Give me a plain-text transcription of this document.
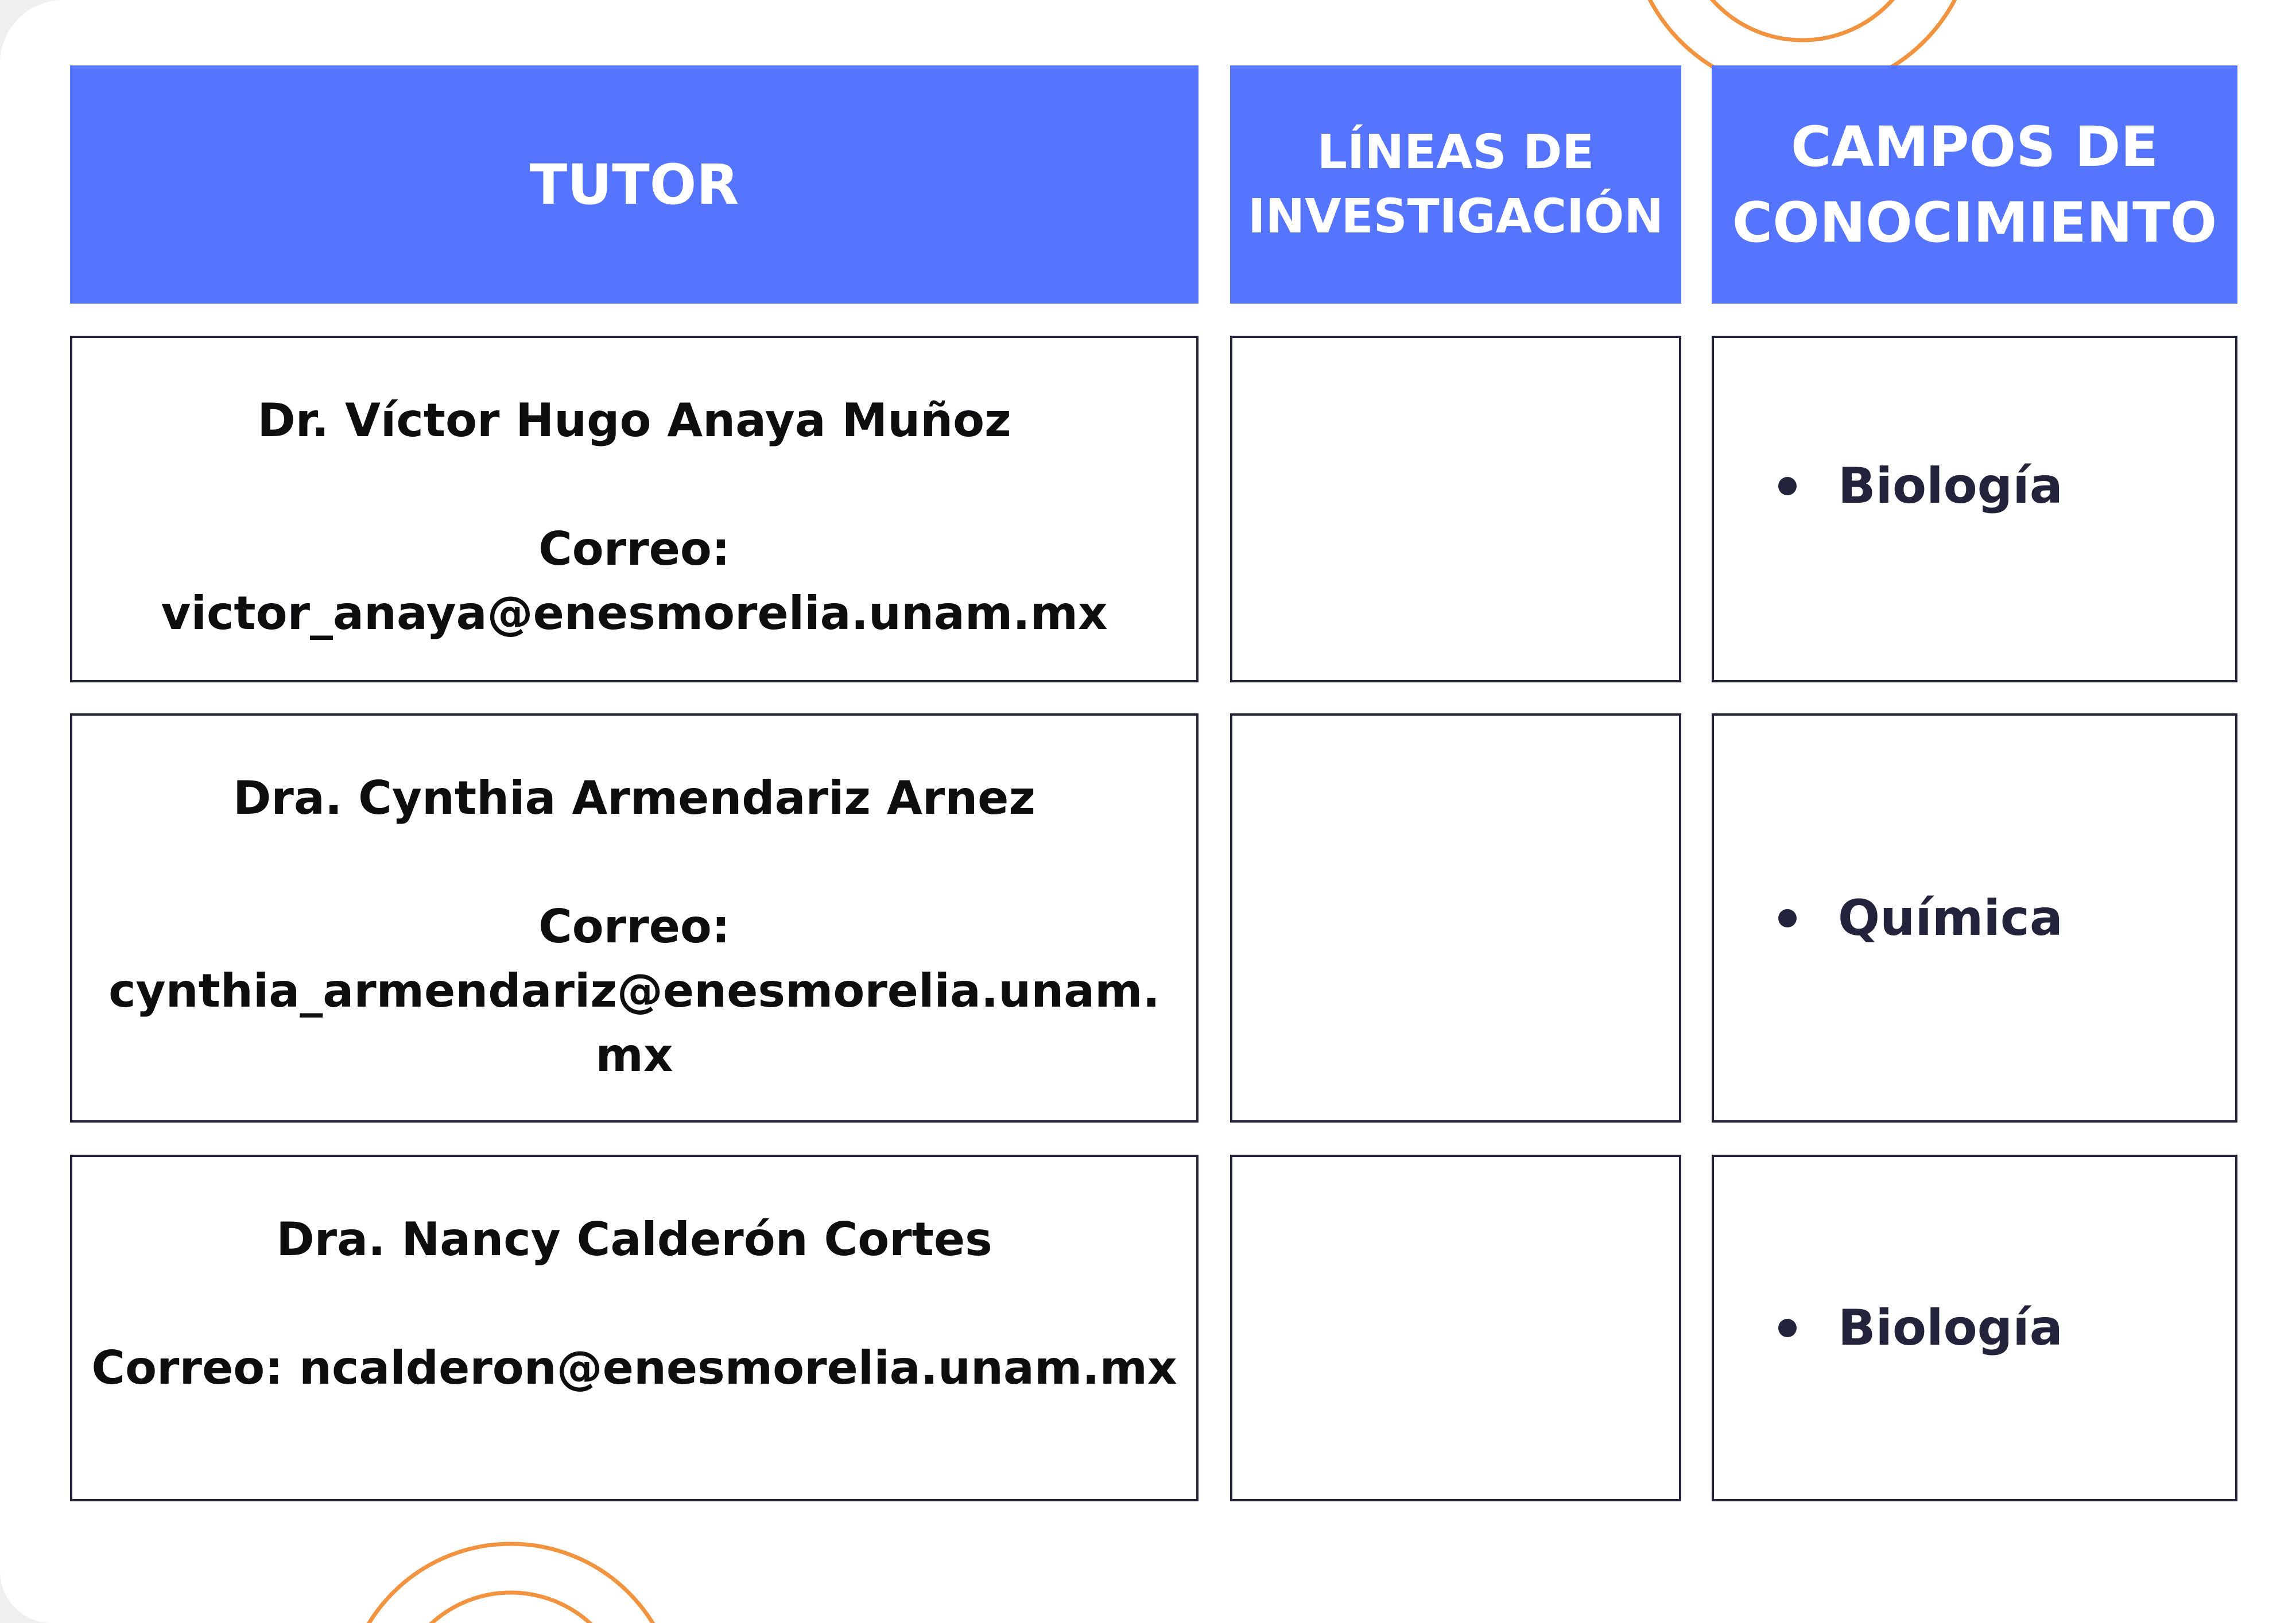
TUTOR
LÍNEAS DE
INVESTIGACIÓN
CAMPOS DE
CONOCIMIENTO
Dr. Víctor Hugo Anaya Muñoz
Correo:
victor_anaya@enesmorelia.unam.mx
Biología
Dra. Cynthia Armendariz Arnez
Correo:
cynthia_armendariz@enesmorelia.unam.
mx
Química
Dra. Nancy Calderón Cortes
Correo: ncalderon@enesmorelia.unam.mx
Biología
